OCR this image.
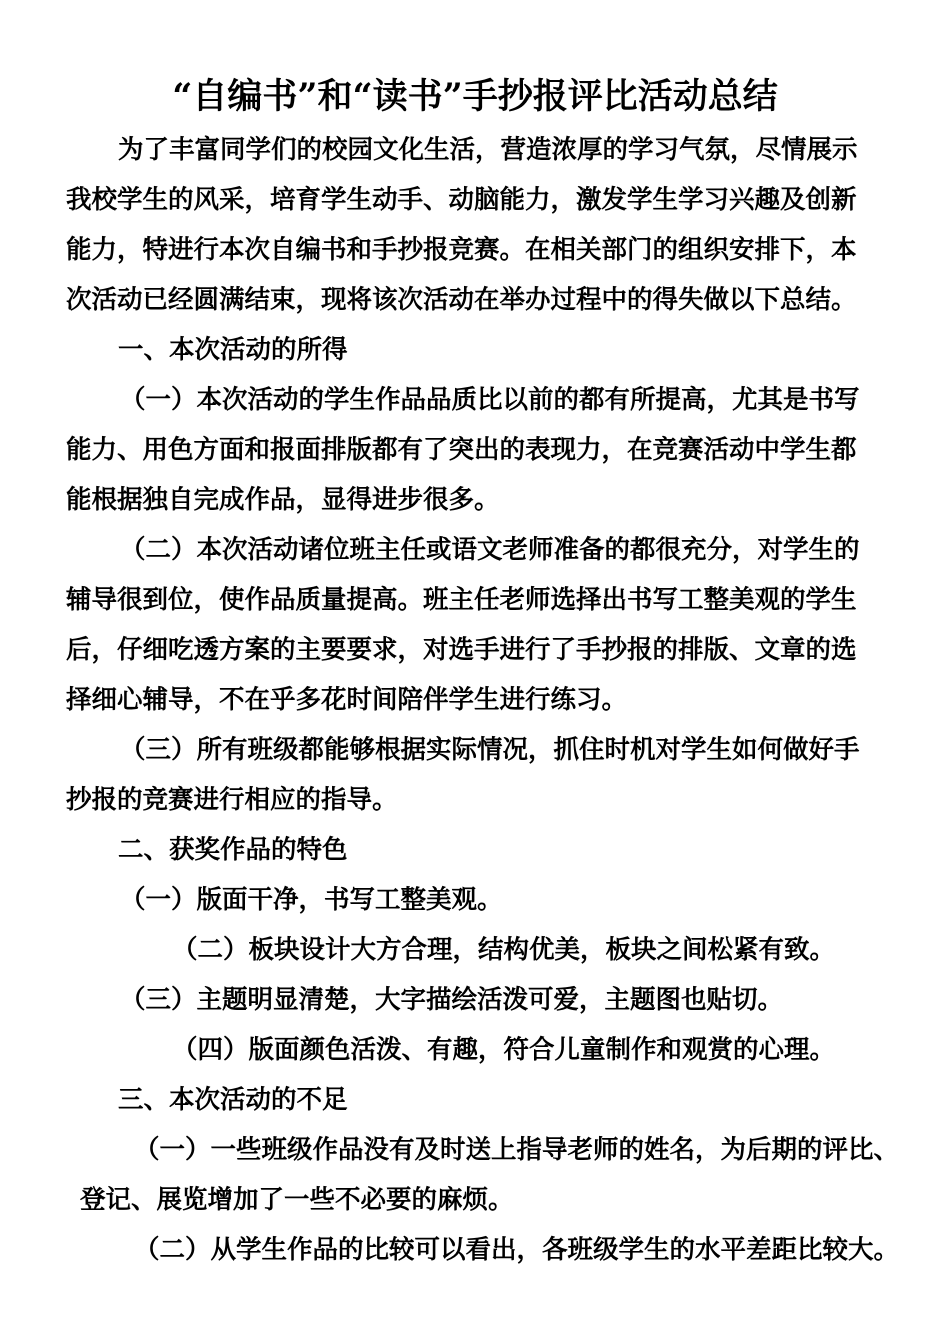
“自编书”和“读书”手抄报评比活动总结
为了丰富同学们的校园文化生活，营造浓厚的学习气氛，尽情展示
我校学生的风采，培育学生动手、动脑能力，激发学生学习兴趣及创新
能力，特进行本次自编书和手抄报竞赛。在相关部门的组织安排下，本
次活动已经圆满结束，现将该次活动在举办过程中的得失做以下总结。
一、本次活动的所得
（一）本次活动的学生作品品质比以前的都有所提高，尤其是书写
能力、用色方面和报面排版都有了突出的表现力，在竞赛活动中学生都
能根据独自完成作品，显得进步很多。
（二）本次活动诸位班主任或语文老师准备的都很充分，对学生的
辅导很到位，使作品质量提高。班主任老师选择出书写工整美观的学生
后，仔细吃透方案的主要要求，对选手进行了手抄报的排版、文章的选
择细心辅导，不在乎多花时间陪伴学生进行练习。
（三）所有班级都能够根据实际情况，抓住时机对学生如何做好手
抄报的竞赛进行相应的指导。
二、获奖作品的特色
（一）版面干净，书写工整美观。
（二）板块设计大方合理，结构优美，板块之间松紧有致。
（三）主题明显清楚，大字描绘活泼可爱，主题图也贴切。
（四）版面颜色活泼、有趣，符合儿童制作和观赏的心理。
三、本次活动的不足
（一）一些班级作品没有及时送上指导老师的姓名，为后期的评比、
登记、展览增加了一些不必要的麻烦。
（二）从学生作品的比较可以看出，各班级学生的水平差距比较大。
